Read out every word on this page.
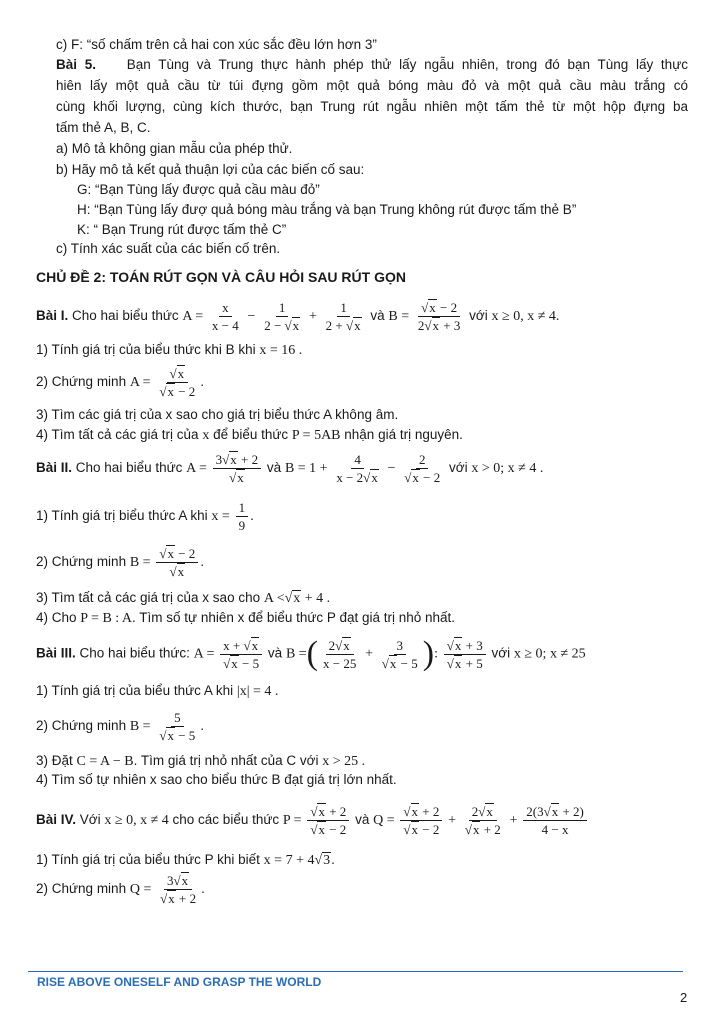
c) F: “số chấm trên cả hai con xúc sắc đều lớn hơn 3”
Bài 5. Bạn Tùng và Trung thực hành phép thử lấy ngẫu nhiên, trong đó bạn Tùng lấy thực
hiên lấy một quả cầu từ túi đựng gồm một quả bóng màu đỏ và một quả cầu màu trắng có
cùng khối lượng, cùng kích thước, bạn Trung rút ngẫu nhiên một tấm thẻ từ một hộp đựng ba
tấm thẻ A, B, C.
a) Mô tả không gian mẫu của phép thử.
b) Hãy mô tả kết quả thuận lợi của các biến cố sau:
G: “Bạn Tùng lấy được quả cầu màu đỏ”
H: “Bạn Tùng lấy đượ quả bóng màu trắng và bạn Trung không rút được tấm thẻ B”
K: “ Bạn Trung rút được tấm thẻ C”
c) Tính xác suất của các biến cố trên.
CHỦ ĐỀ 2: TOÁN RÚT GỌN VÀ CÂU HỎI SAU RÚT GỌN
Bài I. Cho hai biểu thức $A = \frac{x}{x - 4} - \frac{1}{2 - √x} + \frac{1}{2 + √x}$ và $B = \frac{√x - 2}{2√x + 3}$ với x ≥ 0, x ≠ 4.
1) Tính giá trị của biểu thức khi B khi x = 16 .
2) Chứng minh $A = \frac{√x}{√x - 2}$ .
3) Tìm các giá trị của x sao cho giá trị biểu thức A không âm.
4) Tìm tất cả các giá trị của x để biểu thức P = 5AB nhận giá trị nguyên.
Bài II. Cho hai biểu thức $A = \frac{3√x + 2}{√x}$ và $B = 1 + \frac{4}{x - 2√x} - \frac{2}{√x - 2}$ với x > 0; x ≠ 4 .
1) Tính giá trị biểu thức A khi $x = \frac{1}{9}$ .
2) Chứng minh $B = \frac{√x - 2}{√x}$ .
3) Tìm tất cả các giá trị của x sao cho A <√x + 4 .
4) Cho P = B : A. Tìm số tự nhiên x để biểu thức P đạt giá trị nhỏ nhất.
Bài III. Cho hai biểu thức: $A = \frac{x + √x}{√x - 5}$ và B =( $\frac{2√x}{x - 25} + \frac{3}{√x - 5}$ ): $\frac{√x + 3}{√x + 5}$ với x ≥ 0; x ≠ 25
1) Tính giá trị của biểu thức A khi |x| = 4 .
2) Chứng minh $B = \frac{5}{√x - 5}$ .
3) Đặt C = A − B. Tìm giá trị nhỏ nhất của C với x > 25 .
4) Tìm số tự nhiên x sao cho biểu thức B đạt giá trị lớn nhất.
Bài IV. Với x ≥ 0, x ≠ 4 cho các biểu thức $P = \frac{√x + 2}{√x - 2}$ và $Q = \frac{√x + 2}{√x - 2} + \frac{2√x}{√x + 2} + \frac{2(3√x + 2)}{4 - x}$
1) Tính giá trị của biểu thức P khi biết x = 7 + 4√3.
2) Chứng minh $Q = \frac{3√x}{√x + 2}$ .
RISE ABOVE ONESELF AND GRASP THE WORLD
2
